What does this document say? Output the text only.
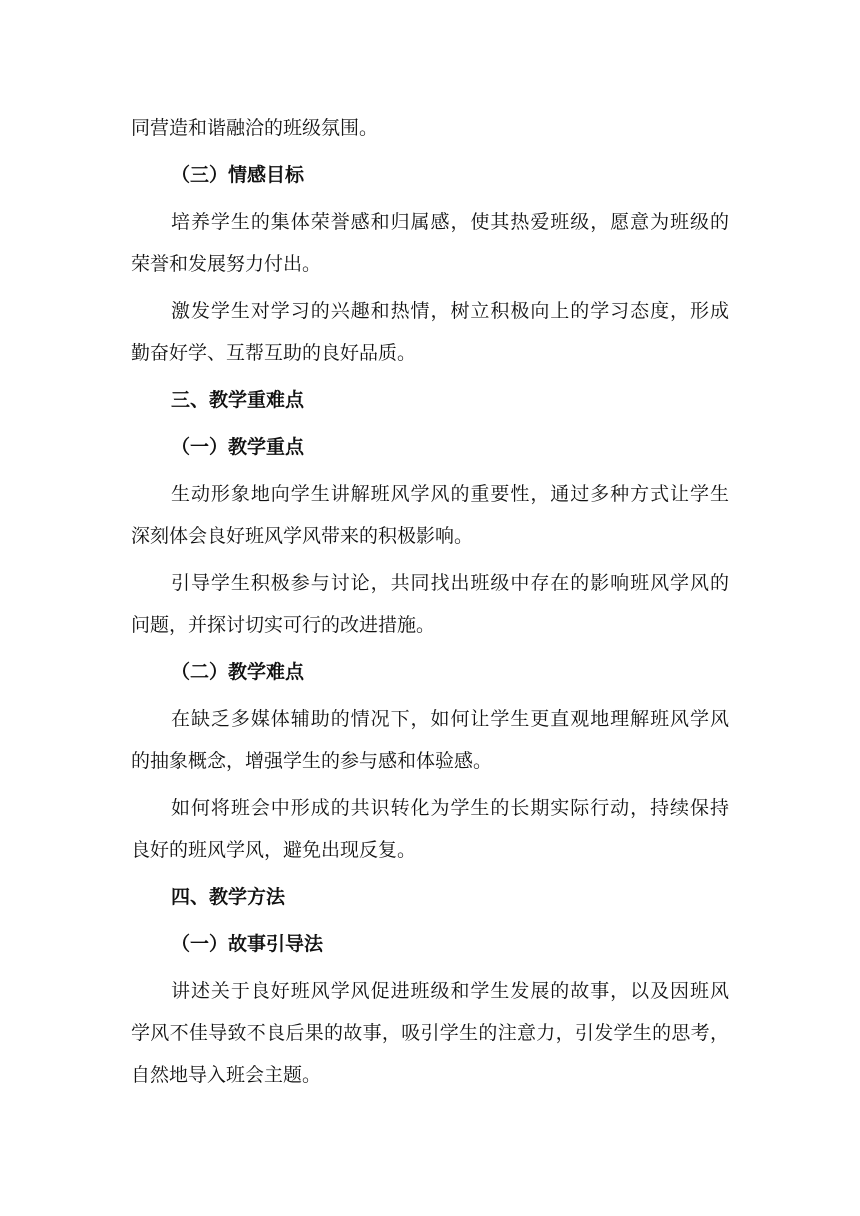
同营造和谐融洽的班级氛围。
（三）情感目标
培养学生的集体荣誉感和归属感，使其热爱班级，愿意为班级的
荣誉和发展努力付出。
激发学生对学习的兴趣和热情，树立积极向上的学习态度，形成
勤奋好学、互帮互助的良好品质。
三、教学重难点
（一）教学重点
生动形象地向学生讲解班风学风的重要性，通过多种方式让学生
深刻体会良好班风学风带来的积极影响。
引导学生积极参与讨论，共同找出班级中存在的影响班风学风的
问题，并探讨切实可行的改进措施。
（二）教学难点
在缺乏多媒体辅助的情况下，如何让学生更直观地理解班风学风
的抽象概念，增强学生的参与感和体验感。
如何将班会中形成的共识转化为学生的长期实际行动，持续保持
良好的班风学风，避免出现反复。
四、教学方法
（一）故事引导法
讲述关于良好班风学风促进班级和学生发展的故事，以及因班风
学风不佳导致不良后果的故事，吸引学生的注意力，引发学生的思考，
自然地导入班会主题。
